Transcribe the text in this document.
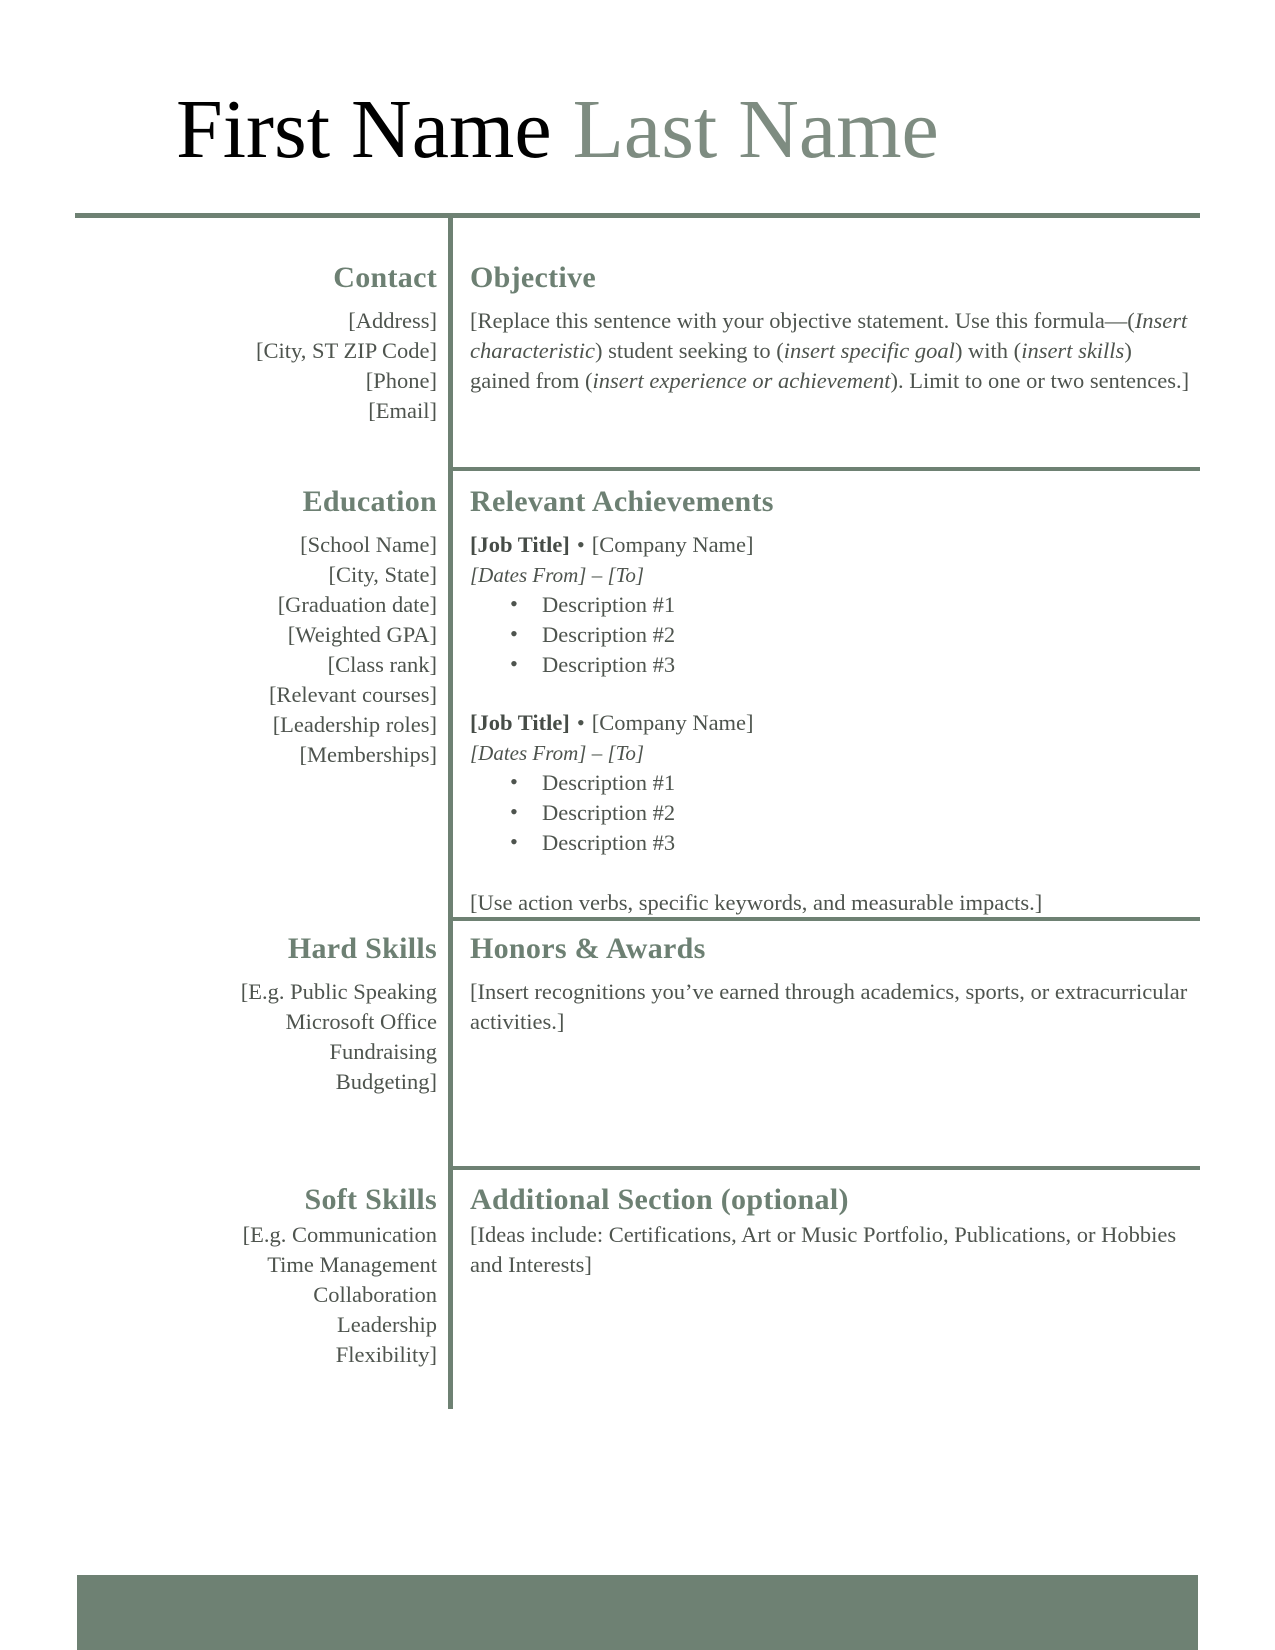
First Name Last Name
Contact
[Address]
[City, ST ZIP Code]
[Phone]
[Email]
Objective

[Replace this sentence with your objective statement. Use this formula—(Insert characteristic) student seeking to (insert specific goal) with (insert skills) gained from (insert experience or achievement). Limit to one or two sentences.]

Education
[School Name]
[City, State]
[Graduation date]
[Weighted GPA]
[Class rank]
[Relevant courses]
[Leadership roles]
[Memberships]
Relevant Achievements
[Job Title] • [Company Name]
[Dates From] – [To]
• Description #1
• Description #2
• Description #3
[Job Title] • [Company Name]
[Dates From] – [To]
• Description #1
• Description #2
• Description #3
[Use action verbs, specific keywords, and measurable impacts.]
Hard Skills
[E.g. Public Speaking
Microsoft Office
Fundraising
Budgeting]
Honors & Awards
[Insert recognitions you’ve earned through academics, sports, or extracurricular activities.]
Soft Skills
[E.g. Communication
Time Management
Collaboration
Leadership
Flexibility]
Additional Section (optional)
[Ideas include: Certifications, Art or Music Portfolio, Publications, or Hobbies and Interests]
